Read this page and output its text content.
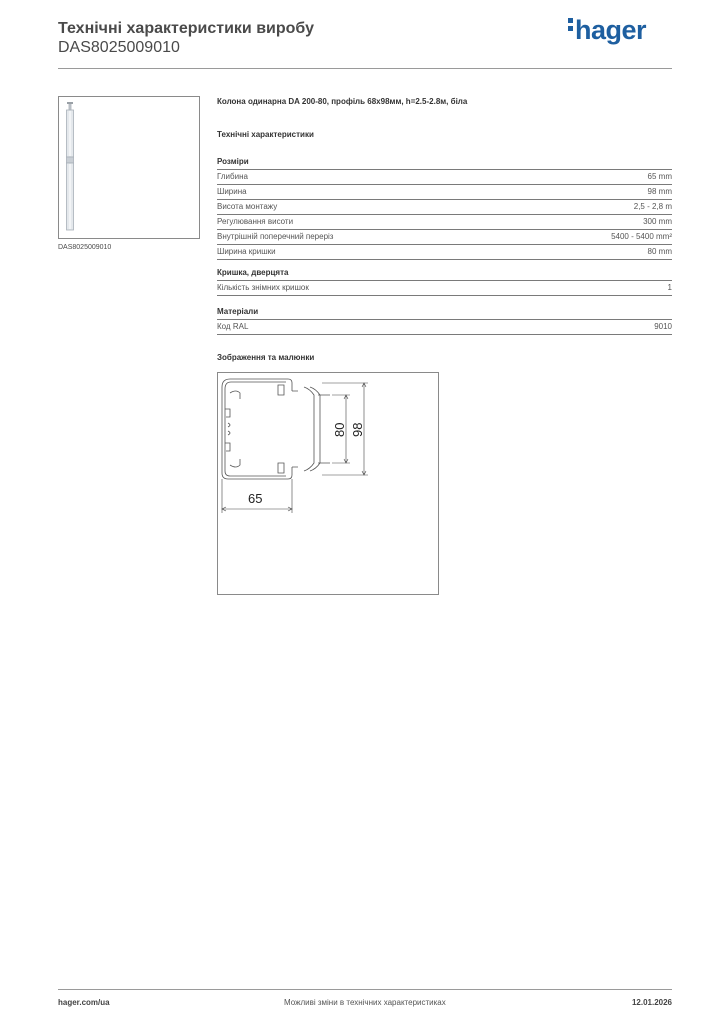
Технічні характеристики виробу
DAS8025009010
hager
DAS8025009010
Колона одинарна DA 200-80, профіль 68х98мм, h=2.5-2.8м, біла
Технічні характеристики
Розміри
Глибина	65 mm
Ширина	98 mm
Висота монтажу	2,5 - 2,8 m
Регулювання висоти	300 mm
Внутрішній поперечний переріз	5400 - 5400 mm²
Ширина кришки	80 mm
Кришка, дверцята
Кількість знімних кришок	1
Матеріали
Код RAL	9010
Зображення та малюнки
65
80 98
hager.com/ua	Можливі зміни в технічних характеристиках	12.01.2026
